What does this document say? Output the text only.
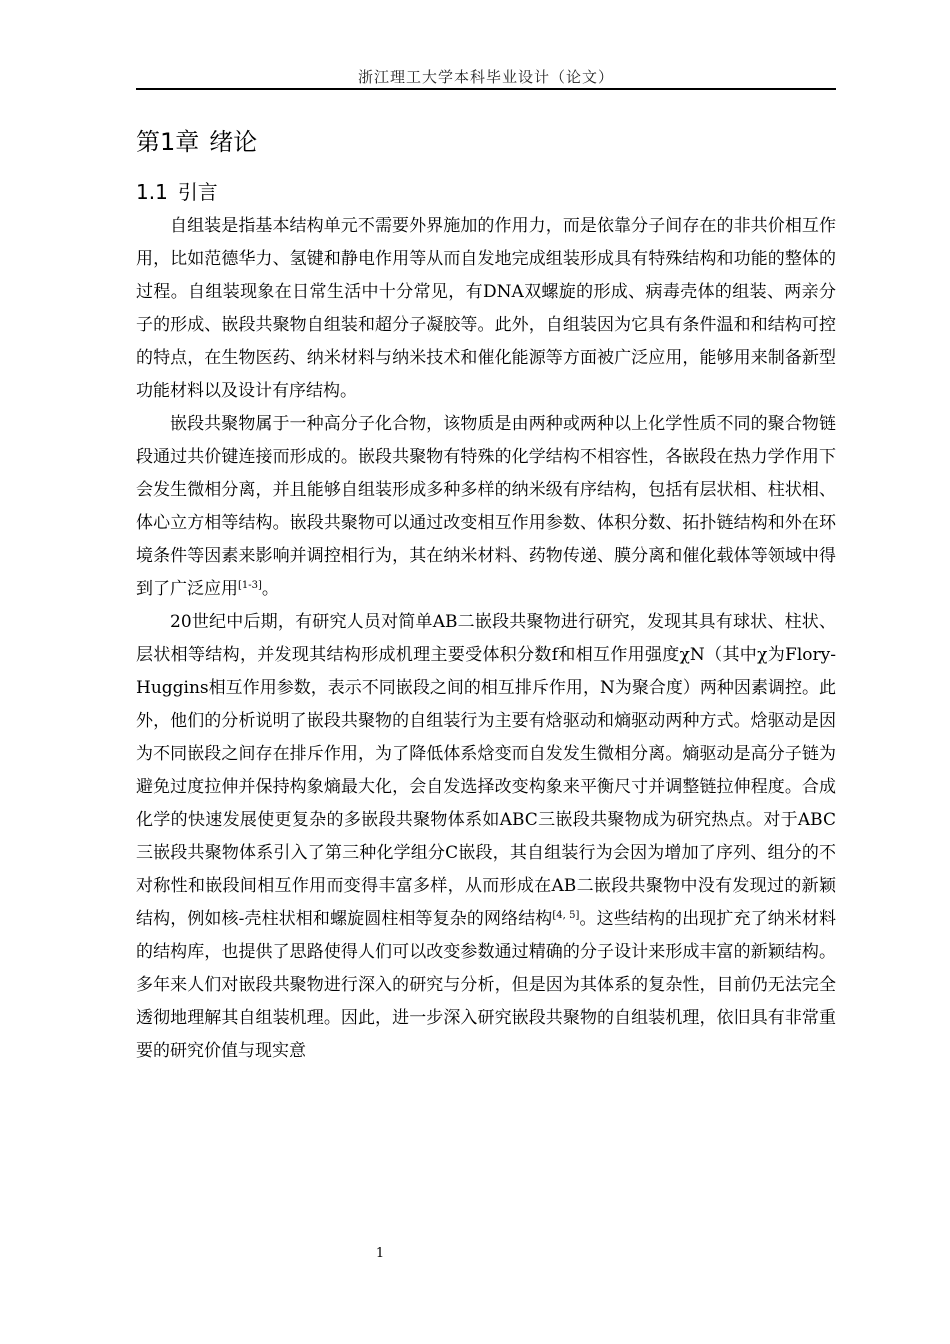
浙江理工大学本科毕业设计（论文）
第1章 绪论
1.1 引言

自组装是指基本结构单元不需要外界施加的作用力，而是依靠分子间存在的非共价相互作用，比如范德华力、氢键和静电作用等从而自发地完成组装形成具有特殊结构和功能的整体的过程。自组装现象在日常生活中十分常见，有DNA双螺旋的形成、病毒壳体的组装、两亲分子的形成、嵌段共聚物自组装和超分子凝胶等。此外，自组装因为它具有条件温和和结构可控的特点，在生物医药、纳米材料与纳米技术和催化能源等方面被广泛应用，能够用来制备新型功能材料以及设计有序结构。

嵌段共聚物属于一种高分子化合物，该物质是由两种或两种以上化学性质不同的聚合物链段通过共价键连接而形成的。嵌段共聚物有特殊的化学结构不相容性，各嵌段在热力学作用下会发生微相分离，并且能够自组装形成多种多样的纳米级有序结构，包括有层状相、柱状相、体心立方相等结构。嵌段共聚物可以通过改变相互作用参数、体积分数、拓扑链结构和外在环境条件等因素来影响并调控相行为，其在纳米材料、药物传递、膜分离和催化载体等领域中得到了广泛应用[1-3]。

20世纪中后期，有研究人员对简单AB二嵌段共聚物进行研究，发现其具有球状、柱状、层状相等结构，并发现其结构形成机理主要受体积分数f和相互作用强度χN（其中χ为Flory-Huggins相互作用参数，表示不同嵌段之间的相互排斥作用，N为聚合度）两种因素调控。此外，他们的分析说明了嵌段共聚物的自组装行为主要有焓驱动和熵驱动两种方式。焓驱动是因为不同嵌段之间存在排斥作用，为了降低体系焓变而自发发生微相分离。熵驱动是高分子链为避免过度拉伸并保持构象熵最大化，会自发选择改变构象来平衡尺寸并调整链拉伸程度。合成化学的快速发展使更复杂的多嵌段共聚物体系如ABC三嵌段共聚物成为研究热点。对于ABC三嵌段共聚物体系引入了第三种化学组分C嵌段，其自组装行为会因为增加了序列、组分的不对称性和嵌段间相互作用而变得丰富多样，从而形成在AB二嵌段共聚物中没有发现过的新颖结构，例如核-壳柱状相和螺旋圆柱相等复杂的网络结构[4, 5]。这些结构的出现扩充了纳米材料的结构库，也提供了思路使得人们可以改变参数通过精确的分子设计来形成丰富的新颖结构。多年来人们对嵌段共聚物进行深入的研究与分析，但是因为其体系的复杂性，目前仍无法完全透彻地理解其自组装机理。因此，进一步深入研究嵌段共聚物的自组装机理，依旧具有非常重要的研究价值与现实意

1
